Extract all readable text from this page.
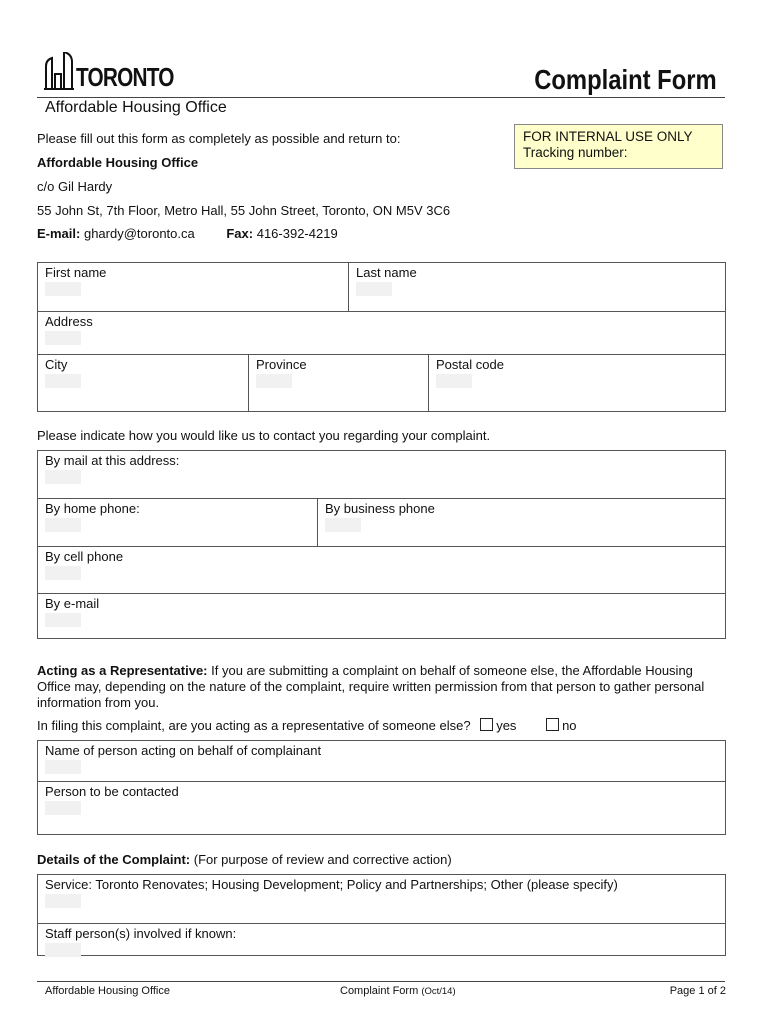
TORONTO	Complaint Form
Affordable Housing Office
Please fill out this form as completely as possible and return to:
Affordable Housing Office
c/o Gil Hardy
55 John St, 7th Floor, Metro Hall, 55 John Street, Toronto, ON M5V 3C6
E-mail: ghardy@toronto.ca Fax: 416-392-4219
FOR INTERNAL USE ONLY
Tracking number:
First name	Last name
Address
City	Province	Postal code
Please indicate how you would like us to contact you regarding your complaint.
By mail at this address:
By home phone:	By business phone
By cell phone
By e-mail
Acting as a Representative: If you are submitting a complaint on behalf of someone else, the Affordable Housing Office may, depending on the nature of the complaint, require written permission from that person to gather personal information from you.
In filing this complaint, are you acting as a representative of someone else? yes	no
Name of person acting on behalf of complainant
Person to be contacted
Details of the Complaint: (For purpose of review and corrective action)
Service: Toronto Renovates; Housing Development; Policy and Partnerships; Other (please specify)
Staff person(s) involved if known:
Affordable Housing Office	Complaint Form (Oct/14)	Page 1 of 2
